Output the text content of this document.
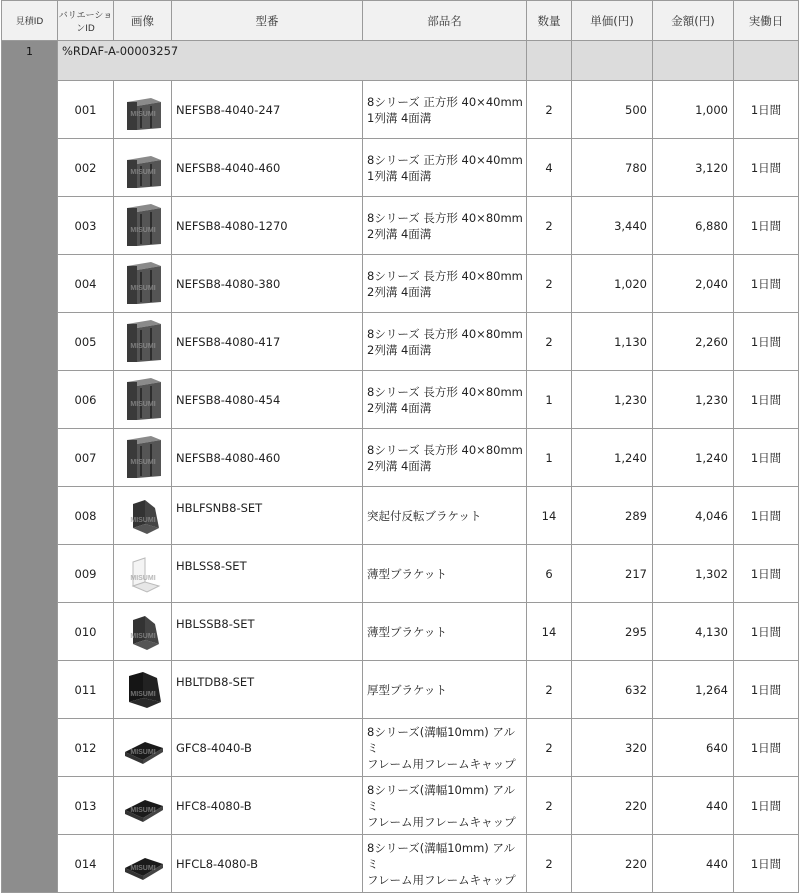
見積ID	バリエーションID	画像	型番	部品名	数量	単価(円)	金額(円)	実働日
1	%RDAF-A-00003257							
	001	MISUMI	NEFSB8-4040-247	8シリーズ 正方形 40×40mm
1列溝 4面溝	2	500	1,000	1日間
	002	MISUMI	NEFSB8-4040-460	8シリーズ 正方形 40×40mm
1列溝 4面溝	4	780	3,120	1日間
	003	MISUMI	NEFSB8-4080-1270	8シリーズ 長方形 40×80mm
2列溝 4面溝	2	3,440	6,880	1日間
	004	MISUMI	NEFSB8-4080-380	8シリーズ 長方形 40×80mm
2列溝 4面溝	2	1,020	2,040	1日間
	005	MISUMI	NEFSB8-4080-417	8シリーズ 長方形 40×80mm
2列溝 4面溝	2	1,130	2,260	1日間
	006	MISUMI	NEFSB8-4080-454	8シリーズ 長方形 40×80mm
2列溝 4面溝	1	1,230	1,230	1日間
	007	MISUMI	NEFSB8-4080-460	8シリーズ 長方形 40×80mm
2列溝 4面溝	1	1,240	1,240	1日間
	008	MISUMI	HBLFSNB8-SET	突起付反転ブラケット	14	289	4,046	1日間
	009	MISUMI	HBLSS8-SET	薄型ブラケット	6	217	1,302	1日間
	010	MISUMI	HBLSSB8-SET	薄型ブラケット	14	295	4,130	1日間
	011	MISUMI	HBLTDB8-SET	厚型ブラケット	2	632	1,264	1日間
	012	MISUMI	GFC8-4040-B	8シリーズ(溝幅10mm) アルミ
フレーム用フレームキャップ	2	320	640	1日間
	013	MISUMI	HFC8-4080-B	8シリーズ(溝幅10mm) アルミ
フレーム用フレームキャップ	2	220	440	1日間
	014	MISUMI	HFCL8-4080-B	8シリーズ(溝幅10mm) アルミ
フレーム用フレームキャップ	2	220	440	1日間
